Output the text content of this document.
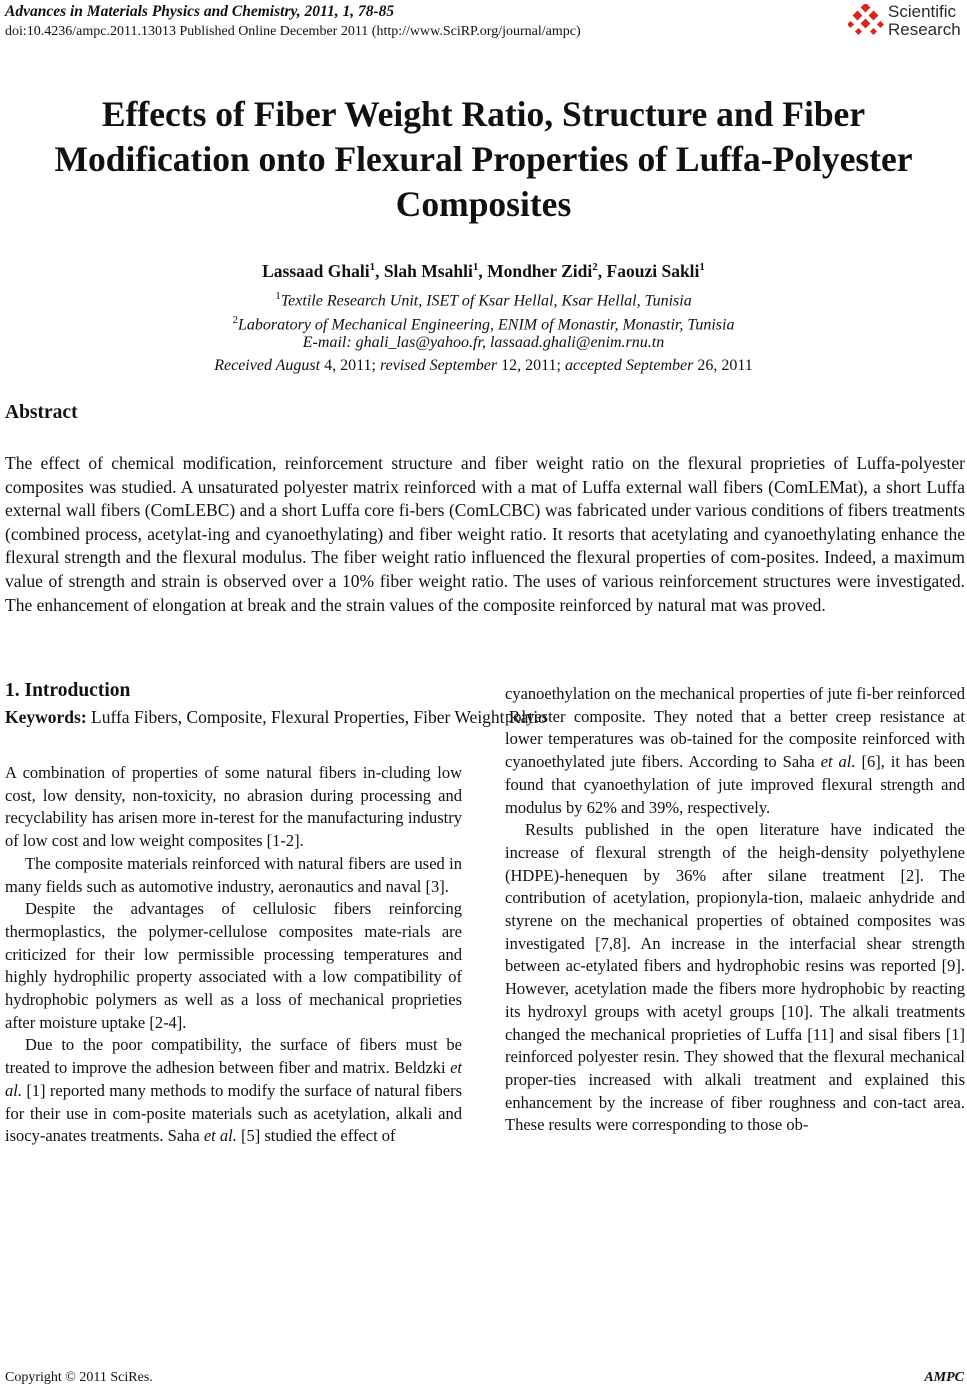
Advances in Materials Physics and Chemistry, 2011, 1, 78-85

doi:10.4236/ampc.2011.13013 Published Online December 2011 (http://www.SciRP.org/journal/ampc)

Scientific
Research
Effects of Fiber Weight Ratio, Structure and Fiber
Modification onto Flexural Properties of Luffa-Polyester
Composites
Lassaad Ghali$^1$, Slah Msahli$^1$, Mondher Zidi$^2$, Faouzi Sakli$^1$
$^1$Textile Research Unit, ISET of Ksar Hellal, Ksar Hellal, Tunisia
$^2$Laboratory of Mechanical Engineering, ENIM of Monastir, Monastir, Tunisia
E-mail: ghali_las@yahoo.fr, lassaad.ghali@enim.rnu.tn
Received August 4, 2011; revised September 12, 2011; accepted September 26, 2011
Abstract

The effect of chemical modification, reinforcement structure and fiber weight ratio on the flexural proprieties of Luffa-polyester composites was studied. A unsaturated polyester matrix reinforced with a mat of Luffa external wall fibers (ComLEMat), a short Luffa external wall fibers (ComLEBC) and a short Luffa core fi-bers (ComLCBC) was fabricated under various conditions of fibers treatments (combined process, acetylat-ing and cyanoethylating) and fiber weight ratio. It resorts that acetylating and cyanoethylating enhance the flexural strength and the flexural modulus. The fiber weight ratio influenced the flexural properties of com-posites. Indeed, a maximum value of strength and strain is observed over a 10% fiber weight ratio. The uses of various reinforcement structures were investigated. The enhancement of elongation at break and the strain values of the composite reinforced by natural mat was proved.

Keywords: Luffa Fibers, Composite, Flexural Properties, Fiber Weight Ratio
1. Introduction

A combination of properties of some natural fibers in-cluding low cost, low density, non-toxicity, no abrasion during processing and recyclability has arisen more in-terest for the manufacturing industry of low cost and low weight composites [1-2].

The composite materials reinforced with natural fibers are used in many fields such as automotive industry, aeronautics and naval [3].

Despite the advantages of cellulosic fibers reinforcing thermoplastics, the polymer-cellulose composites mate-rials are criticized for their low permissible processing temperatures and highly hydrophilic property associated with a low compatibility of hydrophobic polymers as well as a loss of mechanical proprieties after moisture uptake [2-4].

Due to the poor compatibility, the surface of fibers must be treated to improve the adhesion between fiber and matrix. Beldzki et al. [1] reported many methods to modify the surface of natural fibers for their use in com-posite materials such as acetylation, alkali and isocy-anates treatments. Saha et al. [5] studied the effect of

cyanoethylation on the mechanical properties of jute fi-ber reinforced polyester composite. They noted that a better creep resistance at lower temperatures was ob-tained for the composite reinforced with cyanoethylated jute fibers. According to Saha et al. [6], it has been found that cyanoethylation of jute improved flexural strength and modulus by 62% and 39%, respectively.

Results published in the open literature have indicated the increase of flexural strength of the heigh-density polyethylene (HDPE)-henequen by 36% after silane treatment [2]. The contribution of acetylation, propionyla-tion, malaeic anhydride and styrene on the mechanical properties of obtained composites was investigated [7,8]. An increase in the interfacial shear strength between ac-etylated fibers and hydrophobic resins was reported [9]. However, acetylation made the fibers more hydrophobic by reacting its hydroxyl groups with acetyl groups [10]. The alkali treatments changed the mechanical proprieties of Luffa [11] and sisal fibers [1] reinforced polyester resin. They showed that the flexural mechanical proper-ties increased with alkali treatment and explained this enhancement by the increase of fiber roughness and con-tact area. These results were corresponding to those ob-

Copyright © 2011 SciRes.	AMPC
